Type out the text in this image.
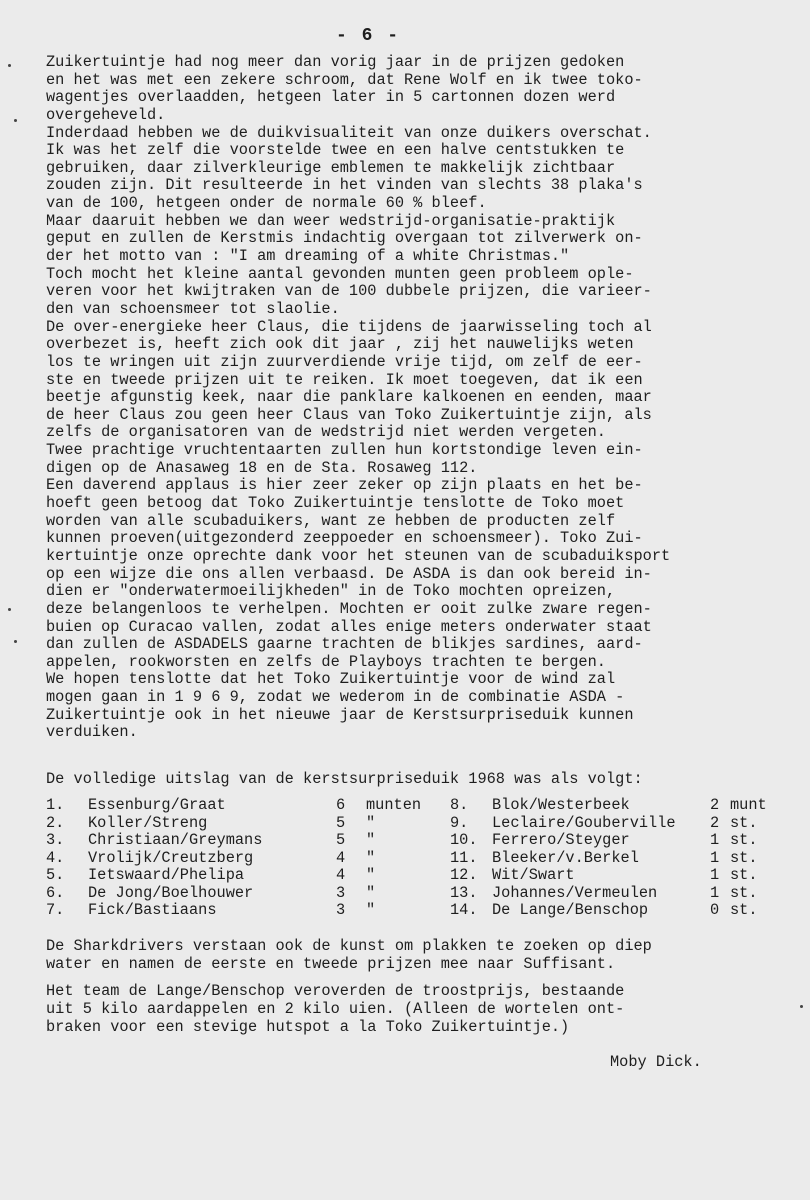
- 6 -
Zuikertuintje had nog meer dan vorig jaar in de prijzen gedoken
en het was met een zekere schroom, dat Rene Wolf en ik twee toko-
wagentjes overlaadden, hetgeen later in 5 cartonnen dozen werd
overgeheveld.
Inderdaad hebben we de duikvisualiteit van onze duikers overschat.
Ik was het zelf die voorstelde twee en een halve centstukken te
gebruiken, daar zilverkleurige emblemen te makkelijk zichtbaar
zouden zijn. Dit resulteerde in het vinden van slechts 38 plaka's
van de 100, hetgeen onder de normale 60 % bleef.
Maar daaruit hebben we dan weer wedstrijd-organisatie-praktijk
geput en zullen de Kerstmis indachtig overgaan tot zilverwerk on-
der het motto van : "I am dreaming of a white Christmas."
Toch mocht het kleine aantal gevonden munten geen probleem ople-
veren voor het kwijtraken van de 100 dubbele prijzen, die varieer-
den van schoensmeer tot slaolie.
De over-energieke heer Claus, die tijdens de jaarwisseling toch al
overbezet is, heeft zich ook dit jaar , zij het nauwelijks weten
los te wringen uit zijn zuurverdiende vrije tijd, om zelf de eer-
ste en tweede prijzen uit te reiken. Ik moet toegeven, dat ik een
beetje afgunstig keek, naar die panklare kalkoenen en eenden, maar
de heer Claus zou geen heer Claus van Toko Zuikertuintje zijn, als
zelfs de organisatoren van de wedstrijd niet werden vergeten.
Twee prachtige vruchtentaarten zullen hun kortstondige leven ein-
digen op de Anasaweg 18 en de Sta. Rosaweg 112.
Een daverend applaus is hier zeer zeker op zijn plaats en het be-
hoeft geen betoog dat Toko Zuikertuintje tenslotte de Toko moet
worden van alle scubaduikers, want ze hebben de producten zelf
kunnen proeven(uitgezonderd zeeppoeder en schoensmeer). Toko Zui-
kertuintje onze oprechte dank voor het steunen van de scubaduiksport
op een wijze die ons allen verbaasd. De ASDA is dan ook bereid in-
dien er "onderwatermoeilijkheden" in de Toko mochten opreizen,
deze belangenloos te verhelpen. Mochten er ooit zulke zware regen-
buien op Curacao vallen, zodat alles enige meters onderwater staat
dan zullen de ASDADELS gaarne trachten de blikjes sardines, aard-
appelen, rookworsten en zelfs de Playboys trachten te bergen.
We hopen tenslotte dat het Toko Zuikertuintje voor de wind zal
mogen gaan in 1 9 6 9, zodat we wederom in de combinatie ASDA -
Zuikertuintje ook in het nieuwe jaar de Kerstsurpriseduik kunnen
verduiken.
De volledige uitslag van de kerstsurpriseduik 1968 was als volgt:
1.	Essenburg/Graat	6	munten	8.	Blok/Westerbeek	2 munt
2.	Koller/Streng	5	"	9.	Leclaire/Gouberville	2 st.
3.	Christiaan/Greymans	5	"	10. Ferrero/Steyger	1 st.
4.	Vrolijk/Creutzberg	4	"	11. Bleeker/v.Berkel	1 st.
5.	Ietswaard/Phelipa	4	"	12. Wit/Swart	1 st.
6.	De Jong/Boelhouwer	3	"	13. Johannes/Vermeulen	1 st.
7.	Fick/Bastiaans	3	"	14. De Lange/Benschop	0 st.
De Sharkdrivers verstaan ook de kunst om plakken te zoeken op diep
water en namen de eerste en tweede prijzen mee naar Suffisant.
Het team de Lange/Benschop veroverden de troostprijs, bestaande
uit 5 kilo aardappelen en 2 kilo uien. (Alleen de wortelen ont-
braken voor een stevige hutspot a la Toko Zuikertuintje.)
Moby Dick.
